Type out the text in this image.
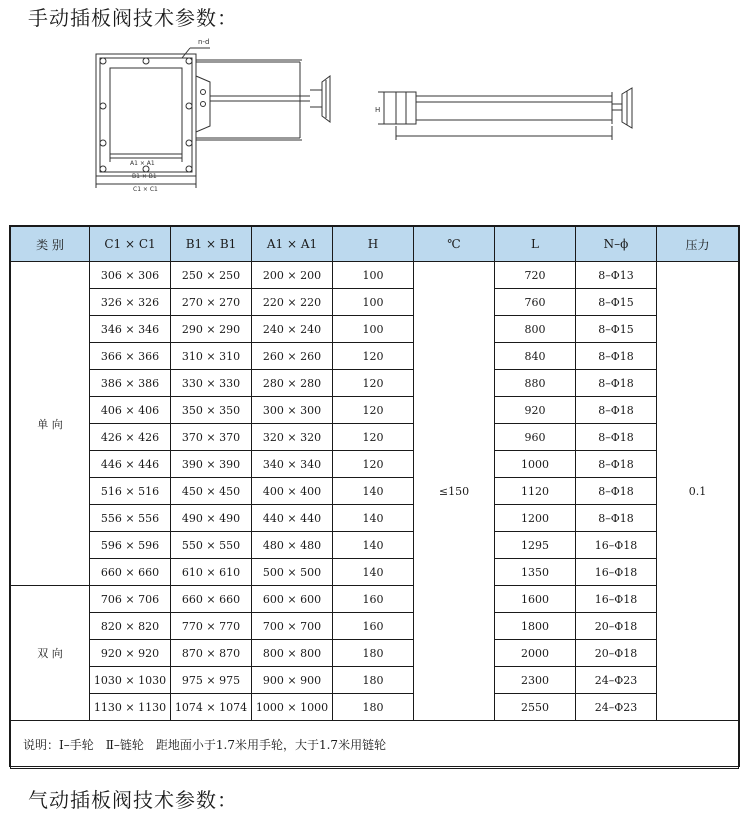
手动插板阀技术参数：
n-d
A1 × A1
B1 × B1
C1 × C1
H
类 别	C1 × C1	B1 × B1	A1 × A1	H	℃	L	N–ϕ	压力
单 向	306 × 306	250 × 250	200 × 200	100	≤150	720	8–Φ13	0.1
	326 × 326	270 × 270	220 × 220	100		760	8–Φ15	
	346 × 346	290 × 290	240 × 240	100		800	8–Φ15	
	366 × 366	310 × 310	260 × 260	120		840	8–Φ18	
	386 × 386	330 × 330	280 × 280	120		880	8–Φ18	
	406 × 406	350 × 350	300 × 300	120		920	8–Φ18	
	426 × 426	370 × 370	320 × 320	120		960	8–Φ18	
	446 × 446	390 × 390	340 × 340	120		1000	8–Φ18	
	516 × 516	450 × 450	400 × 400	140		1120	8–Φ18	
	556 × 556	490 × 490	440 × 440	140		1200	8–Φ18	
	596 × 596	550 × 550	480 × 480	140		1295	16–Φ18	
	660 × 660	610 × 610	500 × 500	140		1350	16–Φ18	
双 向	706 × 706	660 × 660	600 × 600	160		1600	16–Φ18	
	820 × 820	770 × 770	700 × 700	160		1800	20–Φ18	
	920 × 920	870 × 870	800 × 800	180		2000	20–Φ18	
	1030 × 1030	975 × 975	900 × 900	180		2300	24–Φ23	
	1130 × 1130	1074 × 1074	1000 × 1000	180		2550	24–Φ23	
说明：Ⅰ–手轮　Ⅱ–链轮　距地面小于1.7米用手轮，大于1.7米用链轮								
气动插板阀技术参数：
